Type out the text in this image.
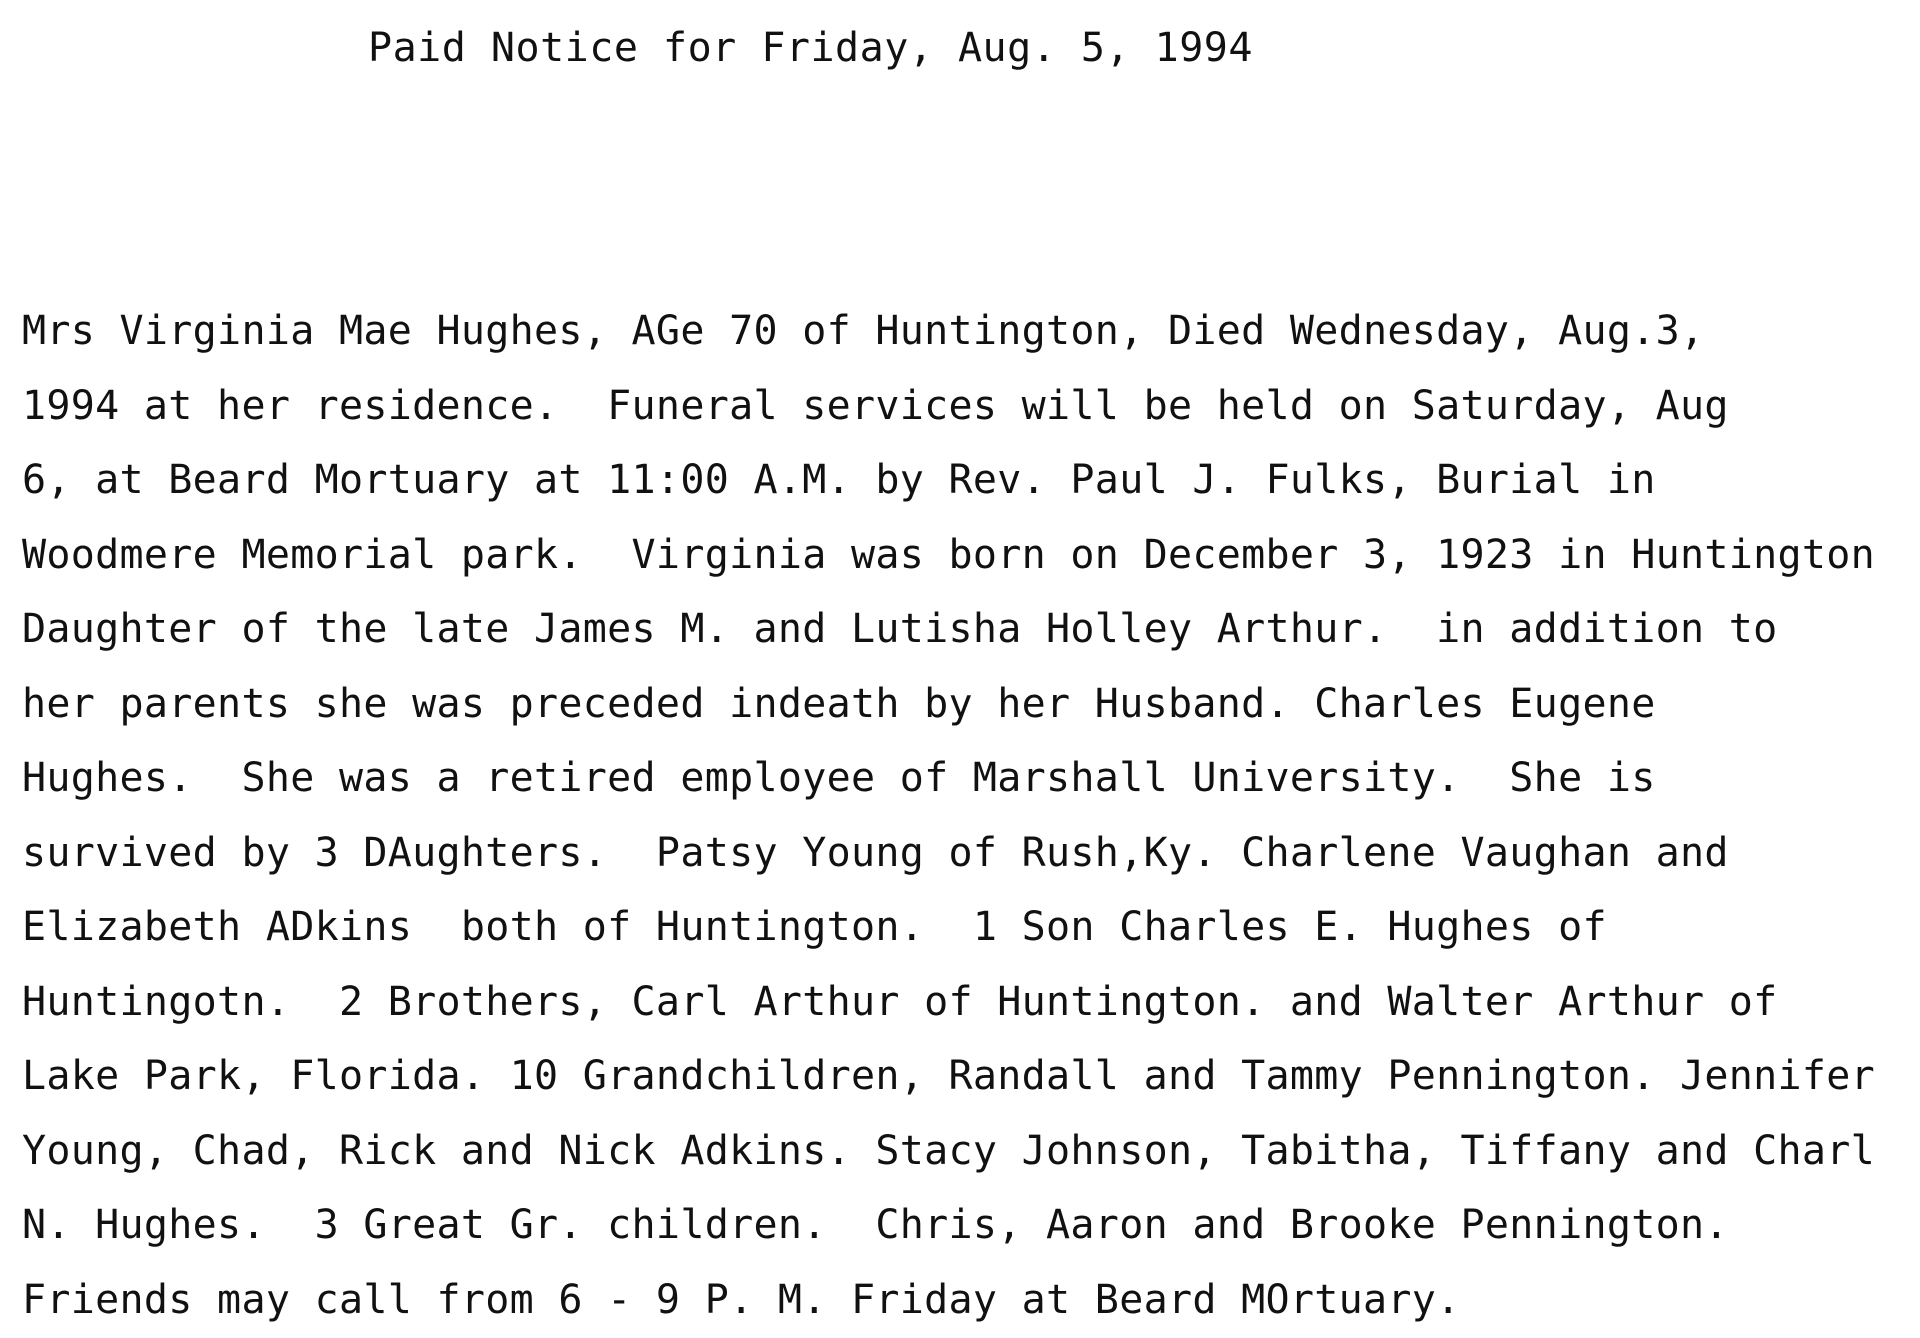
Paid Notice for Friday, Aug. 5, 1994
Mrs Virginia Mae Hughes, AGe 70 of Huntington, Died Wednesday, Aug.3,
1994 at her residence.  Funeral services will be held on Saturday, Aug
6, at Beard Mortuary at 11:00 A.M. by Rev. Paul J. Fulks, Burial in
Woodmere Memorial park.  Virginia was born on December 3, 1923 in Huntington
Daughter of the late James M. and Lutisha Holley Arthur.  in addition to
her parents she was preceded indeath by her Husband. Charles Eugene
Hughes.  She was a retired employee of Marshall University.  She is
survived by 3 DAughters.  Patsy Young of Rush,Ky. Charlene Vaughan and
Elizabeth ADkins  both of Huntington.  1 Son Charles E. Hughes of
Huntingotn.  2 Brothers, Carl Arthur of Huntington. and Walter Arthur of
Lake Park, Florida. 10 Grandchildren, Randall and Tammy Pennington. Jennifer
Young, Chad, Rick and Nick Adkins. Stacy Johnson, Tabitha, Tiffany and Charl
N. Hughes.  3 Great Gr. children.  Chris, Aaron and Brooke Pennington.
Friends may call from 6 - 9 P. M. Friday at Beard MOrtuary.
